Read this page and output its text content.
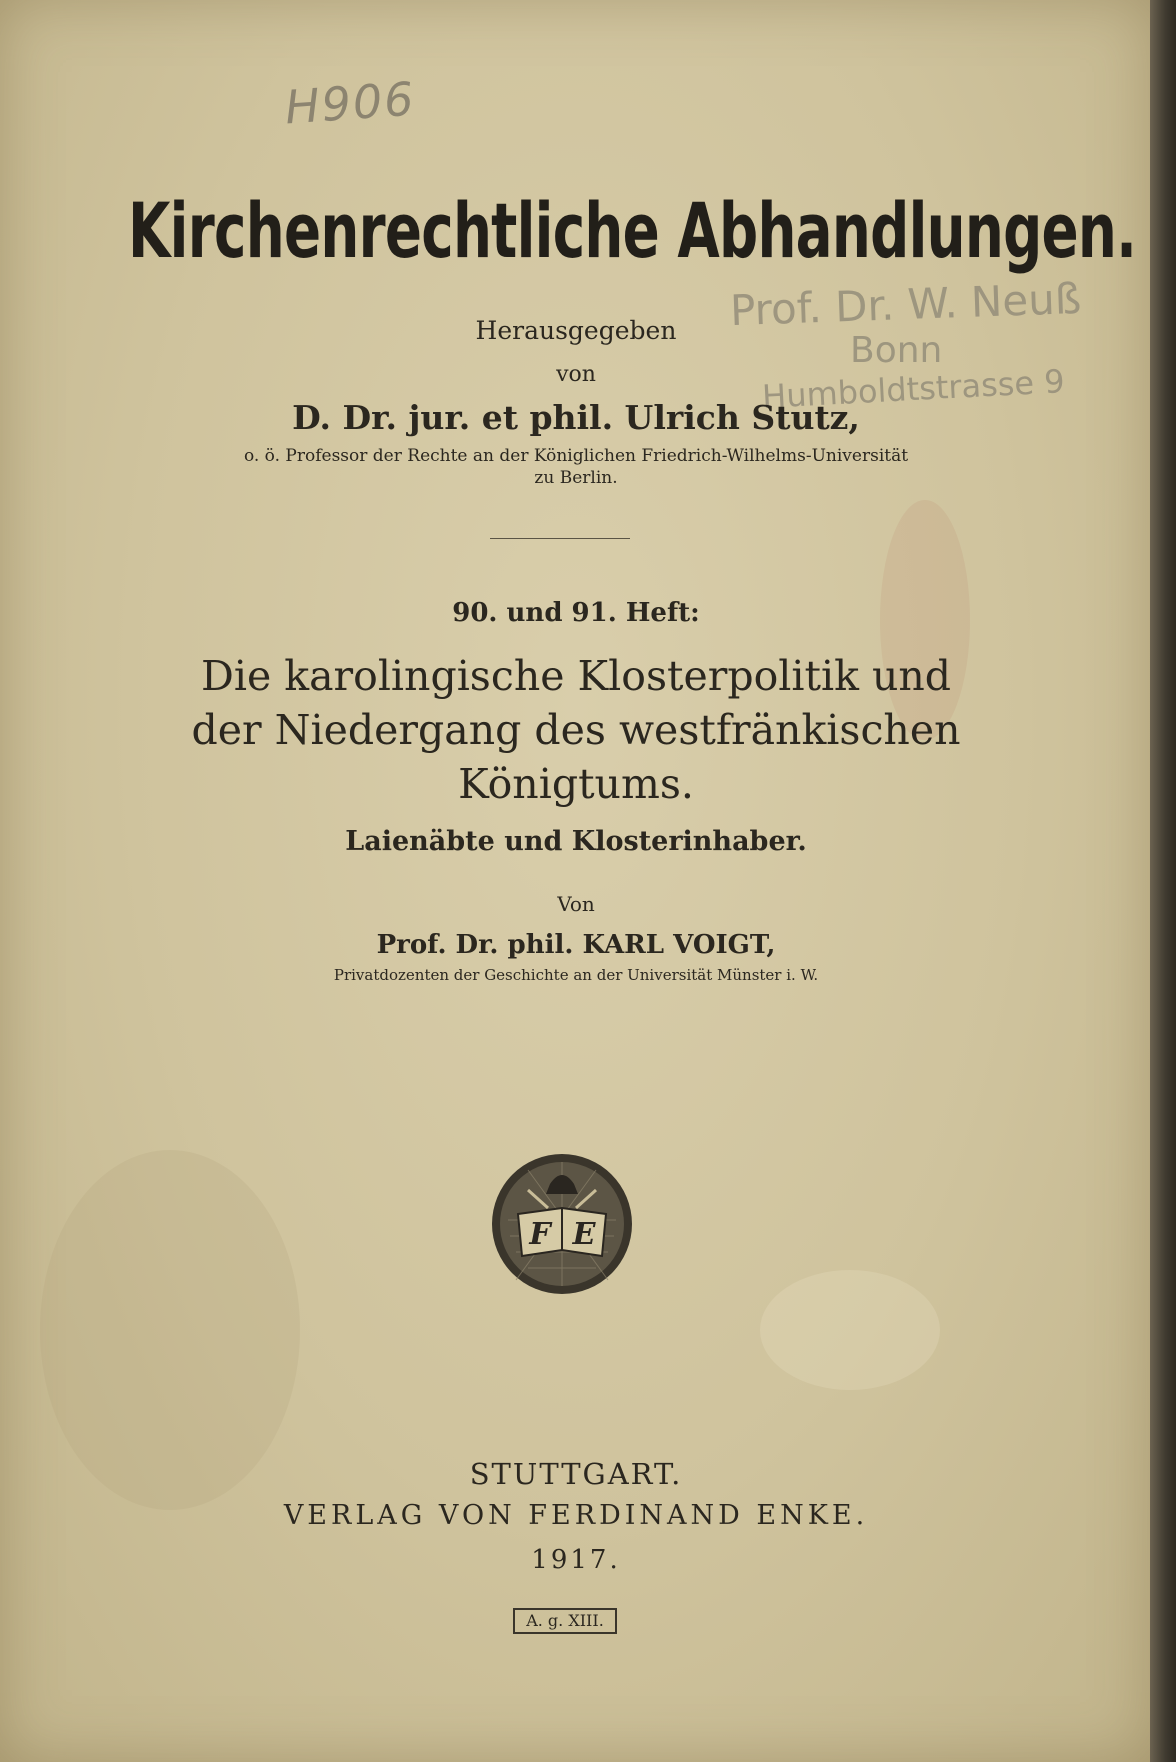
H906
Kirchenrechtliche Abhandlungen.
Prof. Dr. W. Neuß
Bonn
Humboldtstrasse 9
Herausgegeben
von
D. Dr. jur. et phil. Ulrich Stutz,
o. ö. Professor der Rechte an der Königlichen Friedrich-Wilhelms-Universität
zu Berlin.
90. und 91. Heft:
Die karolingische Klosterpolitik und
der Niedergang des westfränkischen
Königtums.
Laienäbte und Klosterinhaber.
Von
Prof. Dr. phil. KARL VOIGT,
Privatdozenten der Geschichte an der Universität Münster i. W.
F E
STUTTGART.
VERLAG VON FERDINAND ENKE.
1917.
A. g. XIII.
